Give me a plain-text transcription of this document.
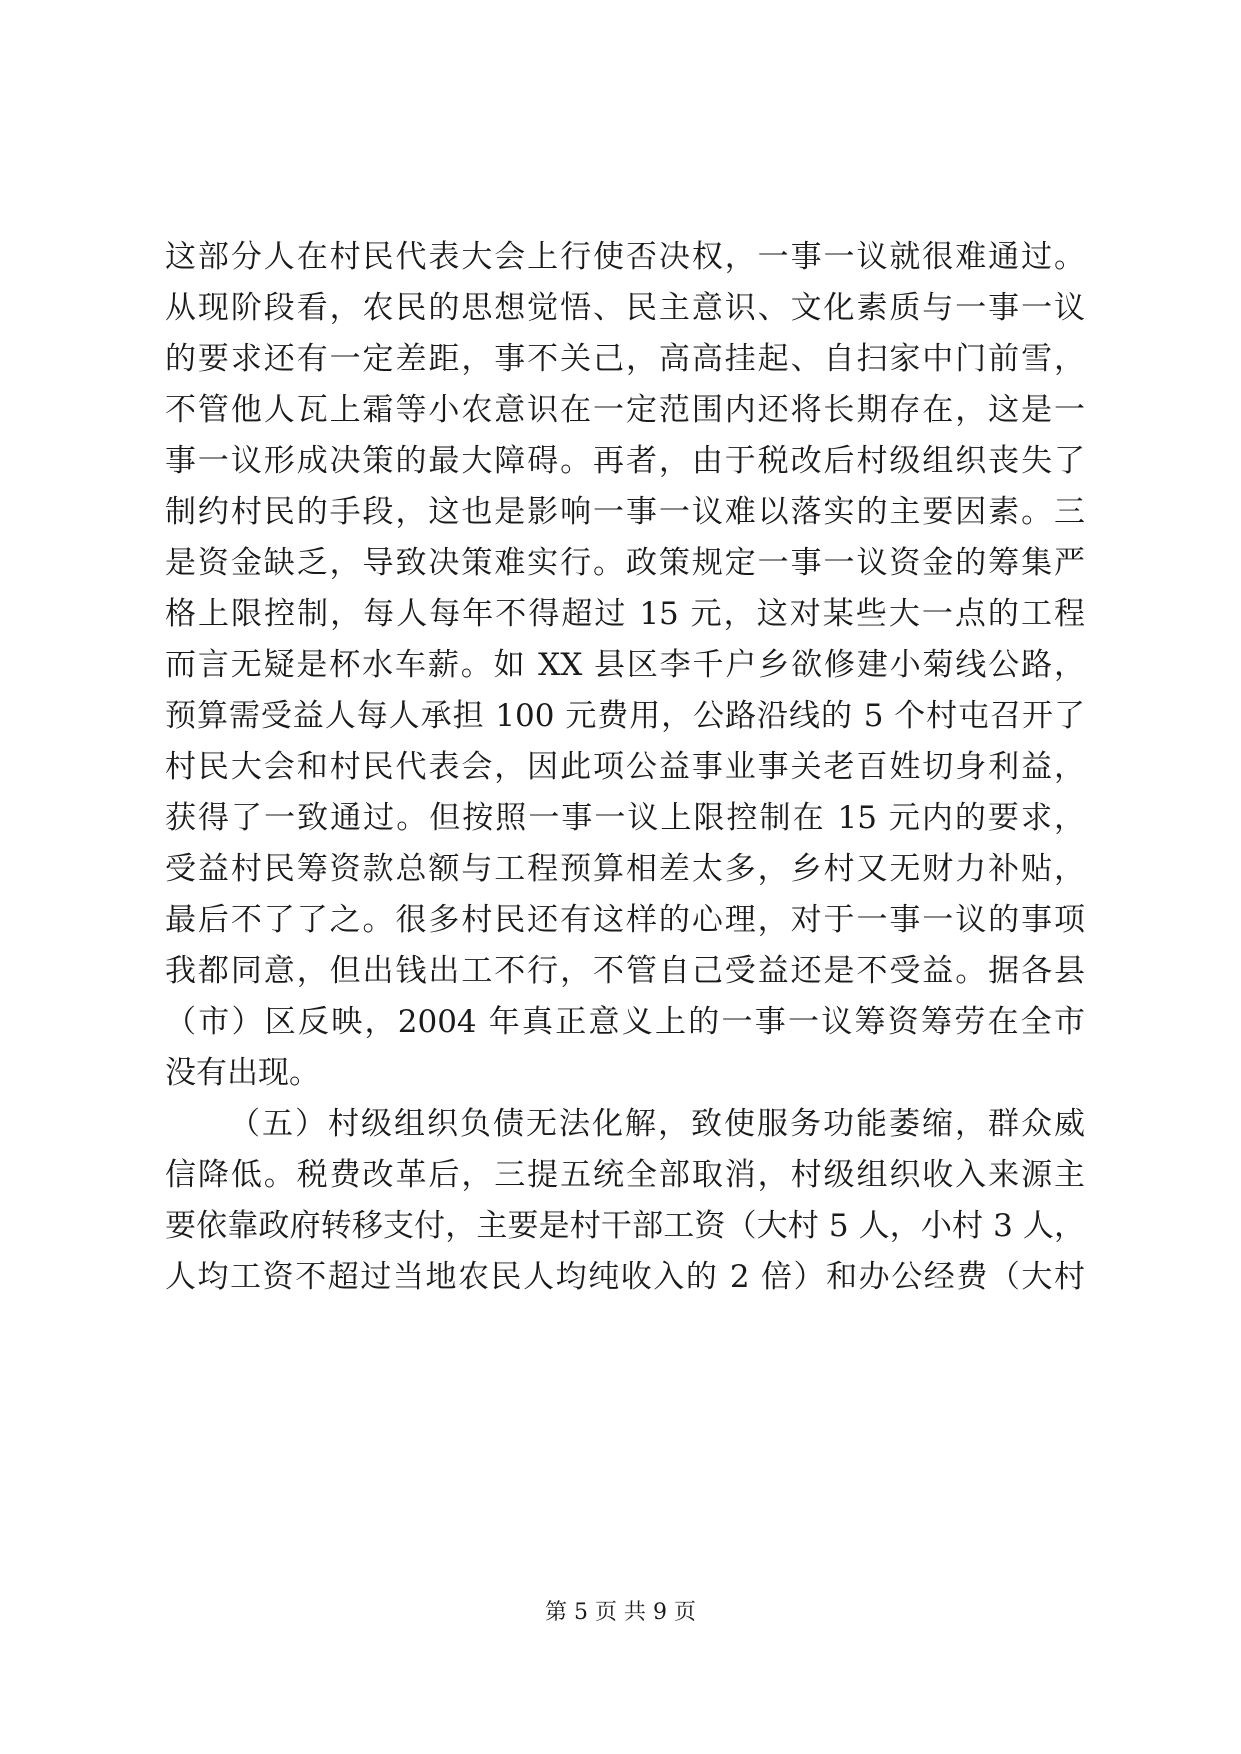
这部分人在村民代表大会上行使否决权，一事一议就很难通过。
从现阶段看，农民的思想觉悟、民主意识、文化素质与一事一议
的要求还有一定差距，事不关己，高高挂起、自扫家中门前雪，
不管他人瓦上霜等小农意识在一定范围内还将长期存在，这是一
事一议形成决策的最大障碍。再者，由于税改后村级组织丧失了
制约村民的手段，这也是影响一事一议难以落实的主要因素。三
是资金缺乏，导致决策难实行。政策规定一事一议资金的筹集严
格上限控制，每人每年不得超过 15 元，这对某些大一点的工程
而言无疑是杯水车薪。如 XX 县区李千户乡欲修建小菊线公路，
预算需受益人每人承担 100 元费用，公路沿线的 5 个村屯召开了
村民大会和村民代表会，因此项公益事业事关老百姓切身利益，
获得了一致通过。但按照一事一议上限控制在 15 元内的要求，
受益村民筹资款总额与工程预算相差太多，乡村又无财力补贴，
最后不了了之。很多村民还有这样的心理，对于一事一议的事项
我都同意，但出钱出工不行，不管自己受益还是不受益。据各县
（市）区反映，2004 年真正意义上的一事一议筹资筹劳在全市
没有出现。
（五）村级组织负债无法化解，致使服务功能萎缩，群众威
信降低。税费改革后，三提五统全部取消，村级组织收入来源主
要依靠政府转移支付，主要是村干部工资（大村 5 人，小村 3 人，
人均工资不超过当地农民人均纯收入的 2 倍）和办公经费（大村
第 5 页 共 9 页
